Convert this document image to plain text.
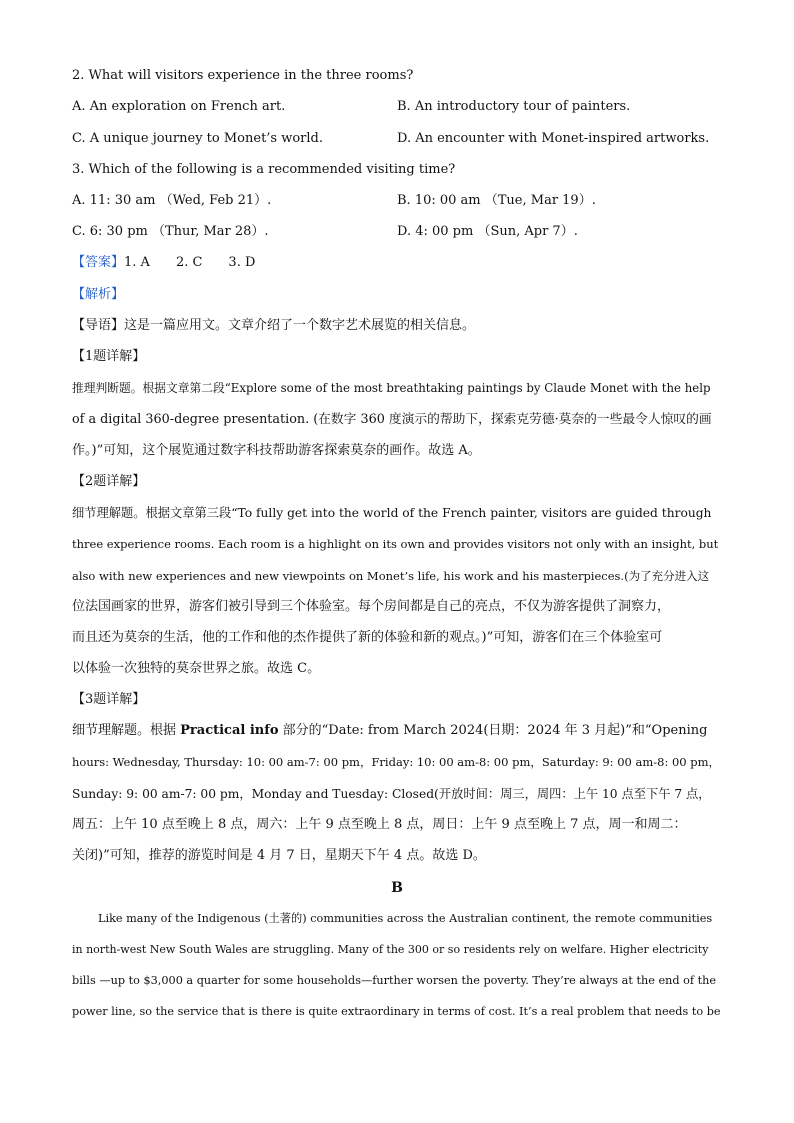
2. What will visitors experience in the three rooms?
A. An exploration on French art.	B. An introductory tour of painters.
C. A unique journey to Monet’s world.	D. An encounter with Monet-inspired artworks.
3. Which of the following is a recommended visiting time?
A. 11: 30 am （Wed, Feb 21）.	B. 10: 00 am （Tue, Mar 19）.
C. 6: 30 pm （Thur, Mar 28）.	D. 4: 00 pm （Sun, Apr 7）.
【答案】1. A　　2. C　　3. D
【解析】
【导语】这是一篇应用文。文章介绍了一个数字艺术展览的相关信息。
【1题详解】
推理判断题。根据文章第二段“Explore some of the most breathtaking paintings by Claude Monet with the help
of a digital 360-degree presentation. (在数字 360 度演示的帮助下，探索克劳德·莫奈的一些最令人惊叹的画
作。)”可知，这个展览通过数字科技帮助游客探索莫奈的画作。故选 A。
【2题详解】
细节理解题。根据文章第三段“To fully get into the world of the French painter, visitors are guided through
three experience rooms. Each room is a highlight on its own and provides visitors not only with an insight, but
also with new experiences and new viewpoints on Monet’s life, his work and his masterpieces.(为了充分进入这
位法国画家的世界，游客们被引导到三个体验室。每个房间都是自己的亮点，不仅为游客提供了洞察力，
而且还为莫奈的生活，他的工作和他的杰作提供了新的体验和新的观点。)”可知，游客们在三个体验室可
以体验一次独特的莫奈世界之旅。故选 C。
【3题详解】
细节理解题。根据 Practical info 部分的“Date: from March 2024(日期：2024 年 3 月起)”和“Opening
hours: Wednesday, Thursday: 10: 00 am-7: 00 pm，Friday: 10: 00 am-8: 00 pm，Saturday: 9: 00 am-8: 00 pm，
Sunday: 9: 00 am-7: 00 pm，Monday and Tuesday: Closed(开放时间：周三，周四：上午 10 点至下午 7 点，
周五：上午 10 点至晚上 8 点，周六：上午 9 点至晚上 8 点，周日：上午 9 点至晚上 7 点，周一和周二：
关闭)”可知，推荐的游览时间是 4 月 7 日，星期天下午 4 点。故选 D。
B
Like many of the Indigenous (土著的) communities across the Australian continent, the remote communities
in north-west New South Wales are struggling. Many of the 300 or so residents rely on welfare. Higher electricity
bills —up to $3,000 a quarter for some households—further worsen the poverty. They’re always at the end of the
power line, so the service that is there is quite extraordinary in terms of cost. It’s a real problem that needs to be
